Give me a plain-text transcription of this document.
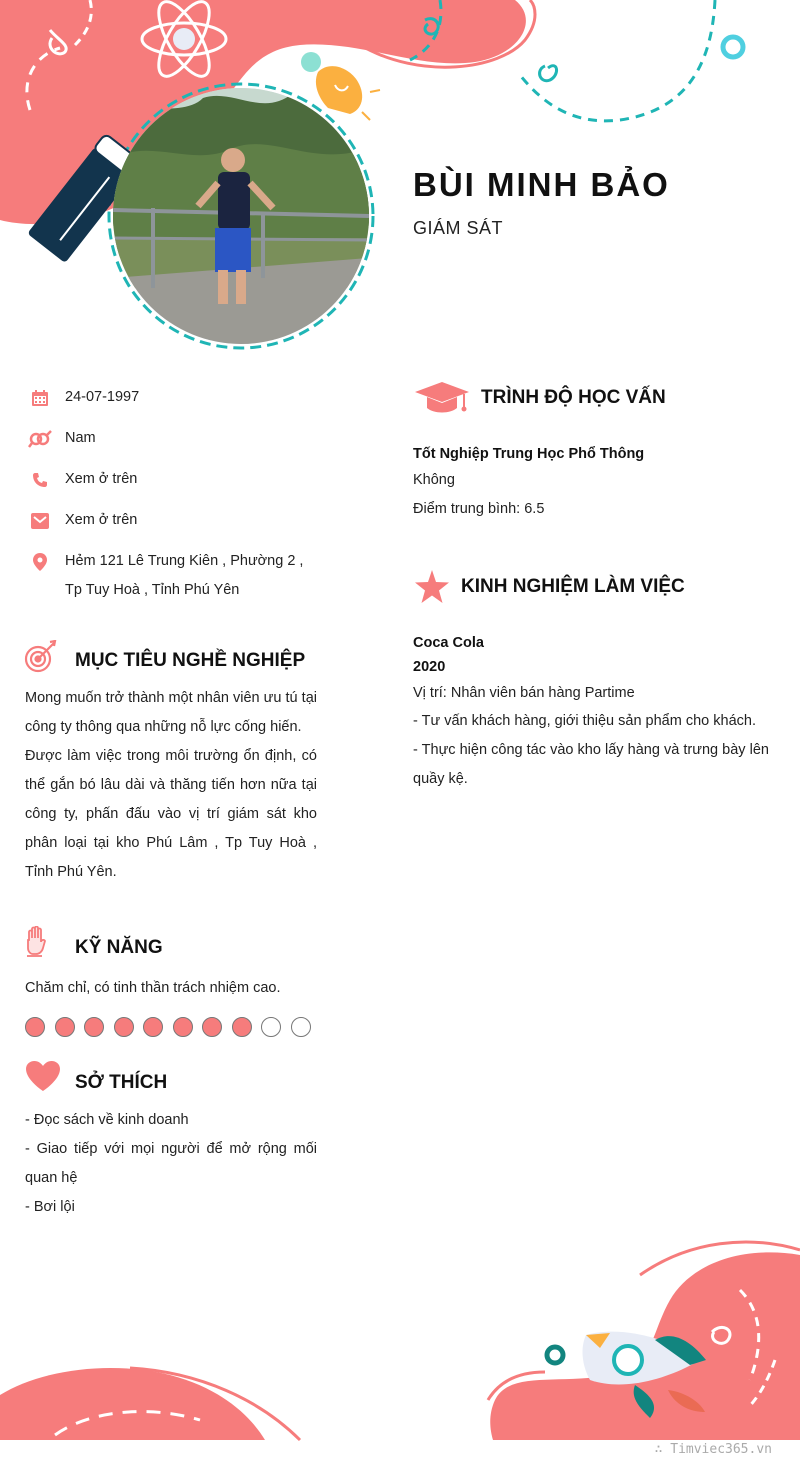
BÙI MINH BẢO
GIÁM SÁT
24-07-1997
Nam
Xem ở trên
Xem ở trên
Hẻm 121 Lê Trung Kiên , Phường 2 ,
Tp Tuy Hoà , Tỉnh Phú Yên
MỤC TIÊU NGHỀ NGHIỆP

Mong muốn trở thành một nhân viên ưu tú tại công ty thông qua những nỗ lực cống hiến.

Được làm việc trong môi trường ổn định, có thể gắn bó lâu dài và thăng tiến hơn nữa tại công ty, phấn đấu vào vị trí giám sát kho phân loại tại kho Phú Lâm , Tp Tuy Hoà , Tỉnh Phú Yên.

KỸ NĂNG
Chăm chỉ, có tinh thần trách nhiệm cao.
SỞ THÍCH

- Đọc sách về kinh doanh

- Giao tiếp với mọi người để mở rộng mối quan hệ

- Bơi lội

TRÌNH ĐỘ HỌC VẤN
Tốt Nghiệp Trung Học Phổ Thông
Không
Điểm trung bình: 6.5
KINH NGHIỆM LÀM VIỆC
Coca Cola
2020
Vị trí: Nhân viên bán hàng Partime

- Tư vấn khách hàng, giới thiệu sản phẩm cho khách.

- Thực hiện công tác vào kho lấy hàng và trưng bày lên quầy kệ.

∴ Timviec365.vn
